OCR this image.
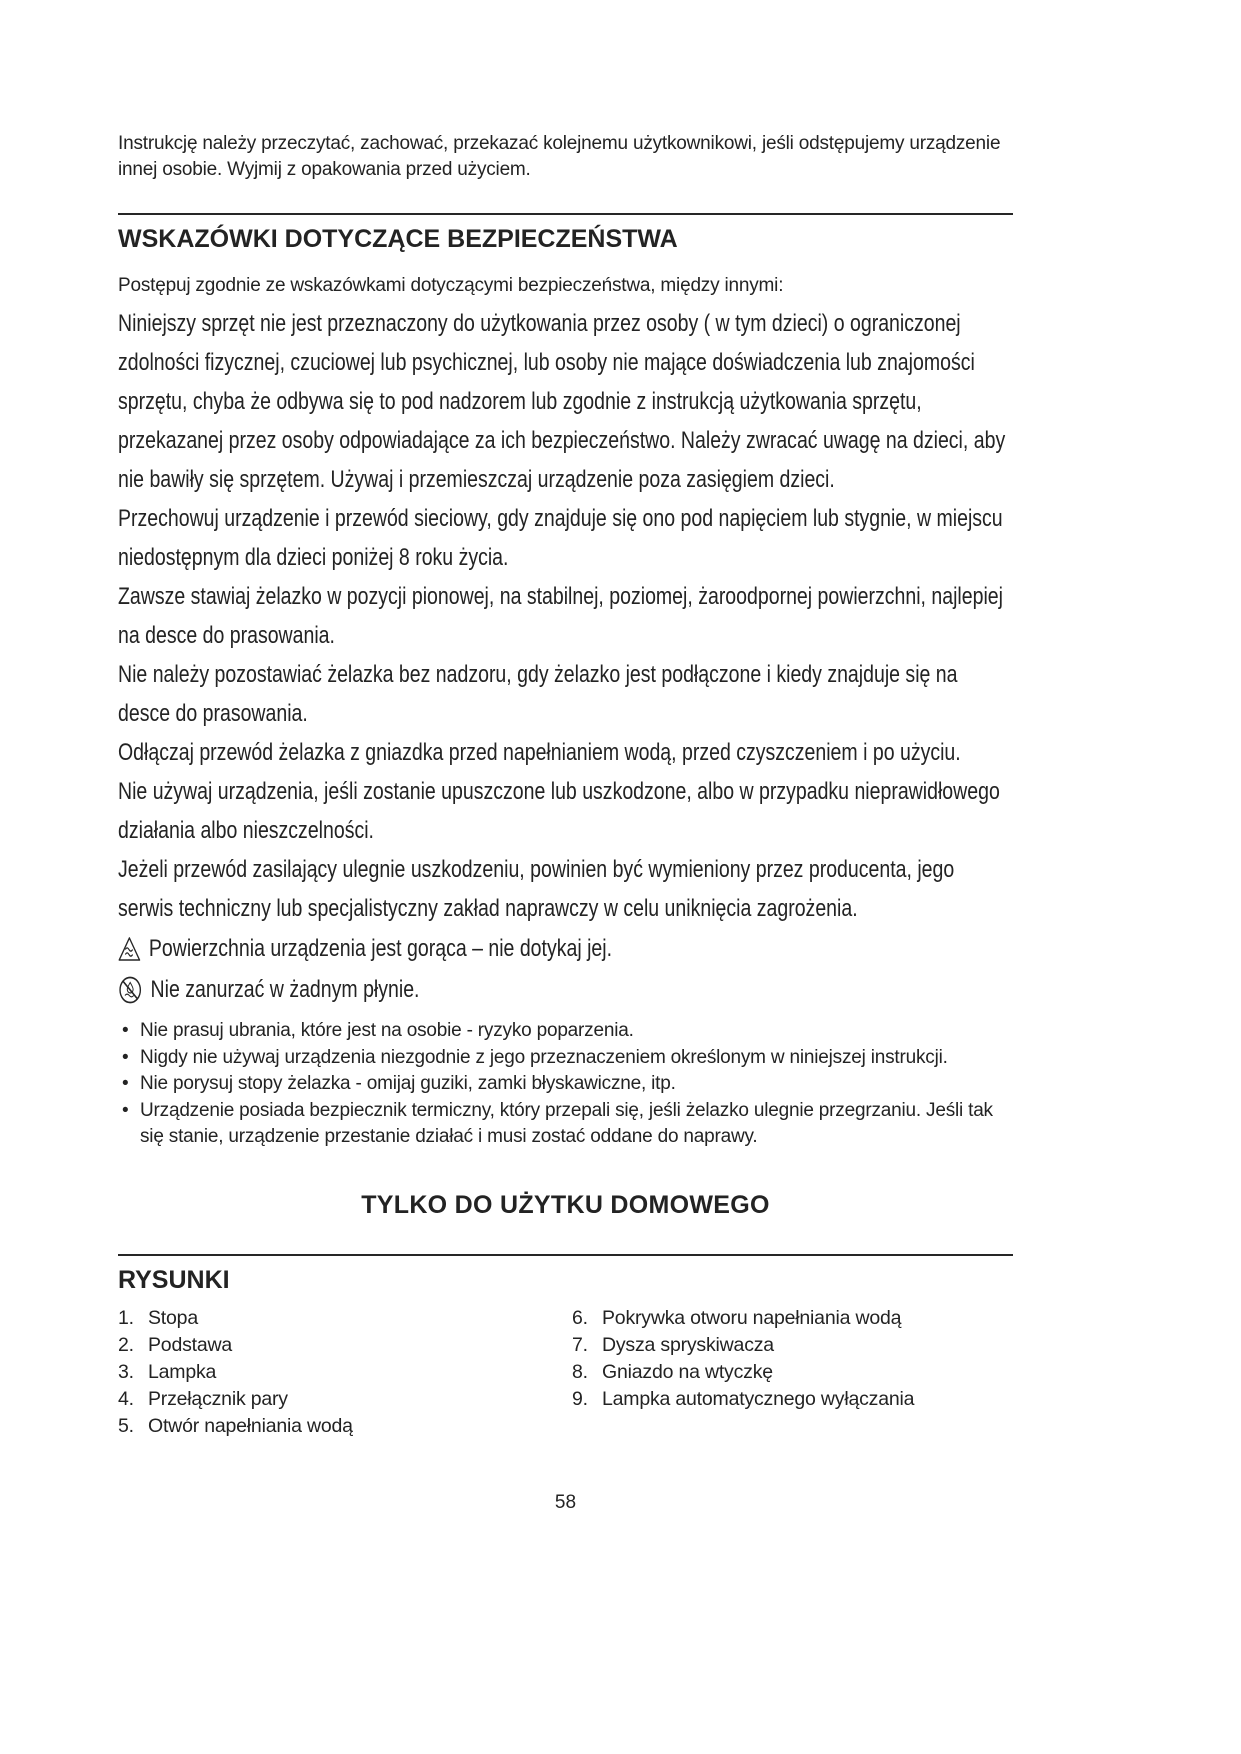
Instrukcję należy przeczytać, zachować, przekazać kolejnemu użytkownikowi, jeśli odstępujemy urządzenie innej osobie. Wyjmij z opakowania przed użyciem.

WSKAZÓWKI DOTYCZĄCE BEZPIECZEŃSTWA

Postępuj zgodnie ze wskazówkami dotyczącymi bezpieczeństwa, między innymi:

Niniejszy sprzęt nie jest przeznaczony do użytkowania przez osoby ( w tym dzieci) o ograniczonej zdolności fizycznej, czuciowej lub psychicznej, lub osoby nie mające doświadczenia lub znajomości sprzętu, chyba że odbywa się to pod nadzorem lub zgodnie z instrukcją użytkowania sprzętu, przekazanej przez osoby odpowiadające za ich bezpieczeństwo. Należy zwracać uwagę na dzieci, aby nie bawiły się sprzętem. Używaj i przemieszczaj urządzenie poza zasięgiem dzieci.

Przechowuj urządzenie i przewód sieciowy, gdy znajduje się ono pod napięciem lub stygnie, w miejscu niedostępnym dla dzieci poniżej 8 roku życia.

Zawsze stawiaj żelazko w pozycji pionowej, na stabilnej, poziomej, żaroodpornej powierzchni, najlepiej na desce do prasowania.

Nie należy pozostawiać żelazka bez nadzoru, gdy żelazko jest podłączone i kiedy znajduje się na desce do prasowania.

Odłączaj przewód żelazka z gniazdka przed napełnianiem wodą, przed czyszczeniem i po użyciu.

Nie używaj urządzenia, jeśli zostanie upuszczone lub uszkodzone, albo w przypadku nieprawidłowego działania albo nieszczelności.

Jeżeli przewód zasilający ulegnie uszkodzeniu, powinien być wymieniony przez producenta, jego serwis techniczny lub specjalistyczny zakład naprawczy w celu uniknięcia zagrożenia.

Powierzchnia urządzenia jest gorąca – nie dotykaj jej.
Nie zanurzać w żadnym płynie.
• Nie prasuj ubrania, które jest na osobie - ryzyko poparzenia.
• Nigdy nie używaj urządzenia niezgodnie z jego przeznaczeniem określonym w niniejszej instrukcji.
• Nie porysuj stopy żelazka - omijaj guziki, zamki błyskawiczne, itp.
• Urządzenie posiada bezpiecznik termiczny, który przepali się, jeśli żelazko ulegnie przegrzaniu. Jeśli tak się stanie, urządzenie przestanie działać i musi zostać oddane do naprawy.
TYLKO DO UŻYTKU DOMOWEGO
RYSUNKI
1. Stopa
2. Podstawa
3. Lampka
4. Przełącznik pary
5. Otwór napełniania wodą
6. Pokrywka otworu napełniania wodą
7. Dysza spryskiwacza
8. Gniazdo na wtyczkę
9. Lampka automatycznego wyłączania
58
